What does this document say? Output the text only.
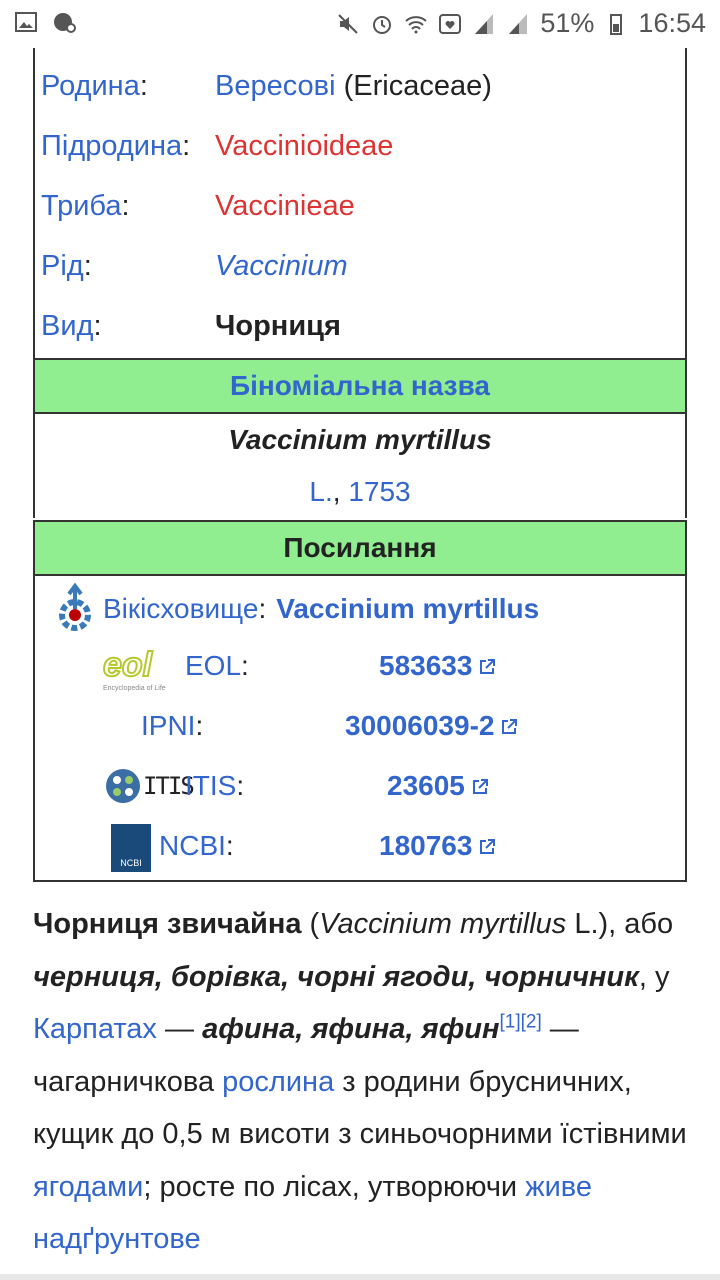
51% 16:54
Родина: Вересові (Ericaceae)
Підродина: Vaccinioideae
Триба:	Vaccinieae
Рід:	Vaccinium
Вид:	Чорниця
Біноміальна назва
Vaccinium myrtillus
L., 1753
Посилання
Вікісховище : Vaccinium myrtillus
eol
Encyclopedia of Life
EOL:	583633
IPNI:	30006039-2
ITIS
ITIS:	23605
NCBI
NCBI:	180763
Чорниця звичайна (Vaccinium myrtillus L.), або черниця, борівка, чорні ягоди, чорничник, у Карпатах — афина, яфина, яфин[1][2] — чагарничкова рослина з родини брусничних, кущик до 0,5 м висоти з синьочорними їстівними ягодами; росте по лісах, утворюючи живе надґрунтове
